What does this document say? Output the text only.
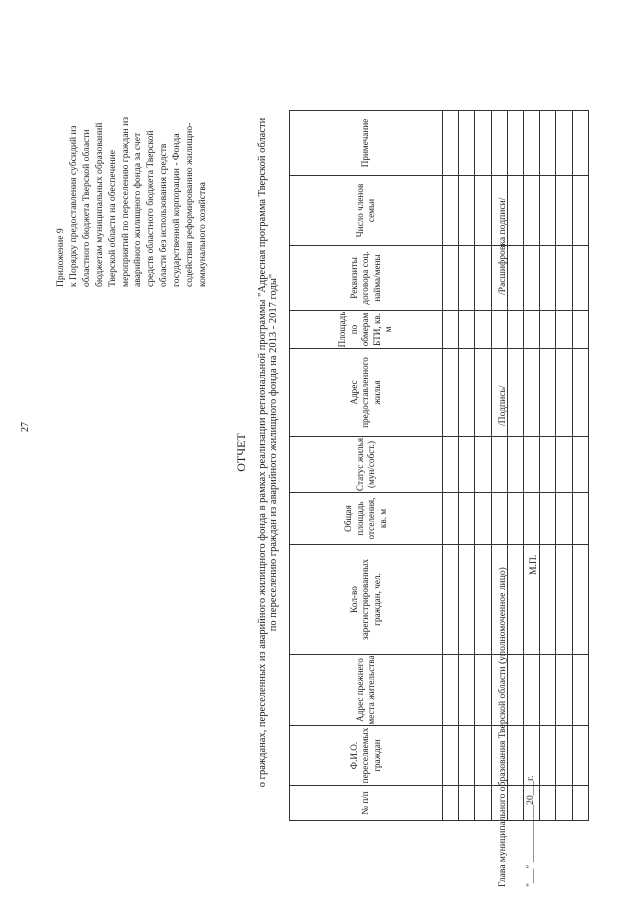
27
Приложение 9 к Порядку предоставления субсидий из областного бюджета Тверской области бюджетам муниципальных образований Тверской области на обеспечение мероприятий по переселению граждан из аварийного жилищного фонда за счет средств областного бюджета Тверской области без использования средств государственной корпорации - Фонда содействия реформированию жилищно- коммунального хозяйства
ОТЧЕТ о гражданах, переселенных из аварийного жилищного фонда в рамках реализации региональной программы "Адресная программа Тверской области по переселению граждан из аварийного жилищного фонда на 2013 - 2017 годы"
№ п/п	Ф.И.О. переселяемых граждан	Адрес прежнего места жительства	Кол-во зарегистрированных граждан, чел.	Общая площадь отселения, кв. м	Статус жилья (мун/собст.)	Адрес предоставленного жилья	Площадь по обмерам БТИ, кв. м	Реквизиты договора соц. найма/мены	Число членов семьи	Примечание

Глава муниципального образования Тверской области (уполномоченное лицо)
/Подпись/
/Расшифровка подписи/
"___" ____________20___г.
М.П.
